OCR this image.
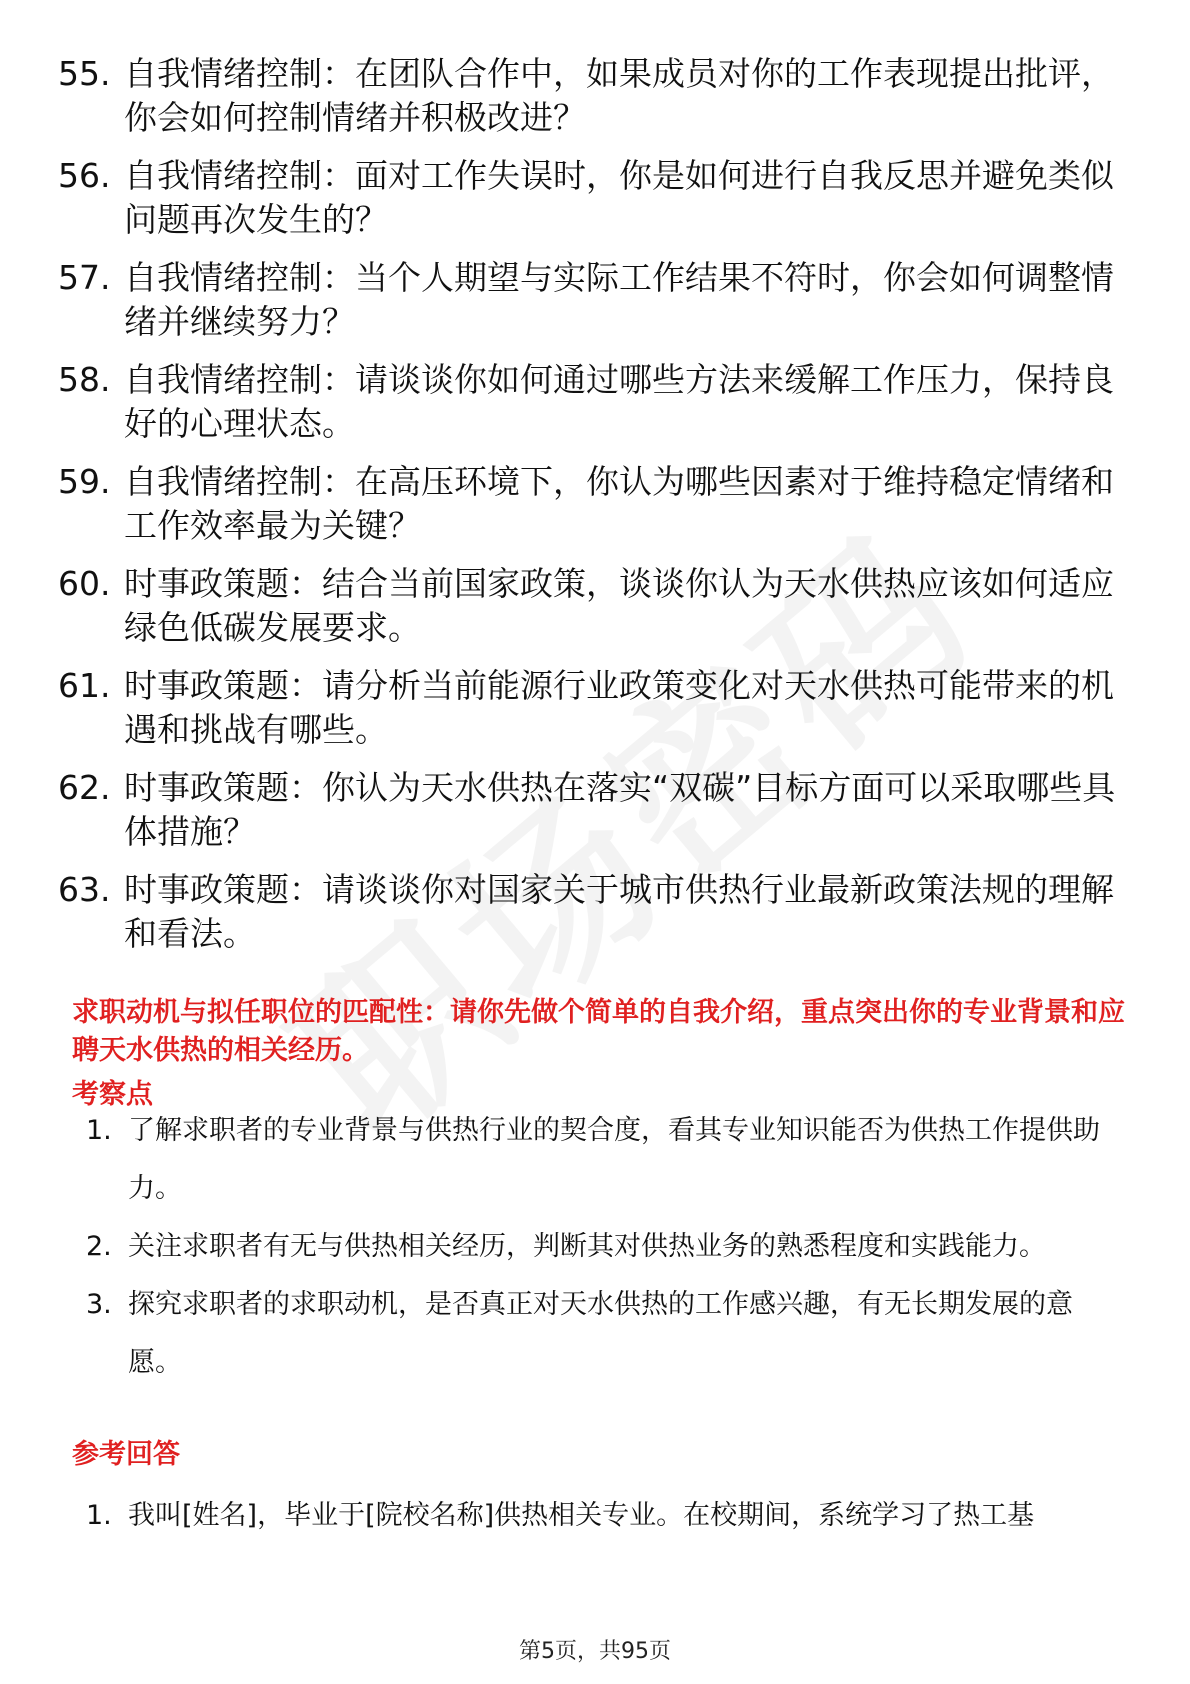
55. 自我情绪控制：在团队合作中，如果成员对你的工作表现提出批评，你会如何控制情绪并积极改进？
56. 自我情绪控制：面对工作失误时，你是如何进行自我反思并避免类似问题再次发生的？
57. 自我情绪控制：当个人期望与实际工作结果不符时，你会如何调整情绪并继续努力？
58. 自我情绪控制：请谈谈你如何通过哪些方法来缓解工作压力，保持良好的心理状态。
59. 自我情绪控制：在高压环境下，你认为哪些因素对于维持稳定情绪和工作效率最为关键？
60. 时事政策题：结合当前国家政策，谈谈你认为天水供热应该如何适应绿色低碳发展要求。
61. 时事政策题：请分析当前能源行业政策变化对天水供热可能带来的机遇和挑战有哪些。
62. 时事政策题：你认为天水供热在落实“双碳”目标方面可以采取哪些具体措施？
63. 时事政策题：请谈谈你对国家关于城市供热行业最新政策法规的理解和看法。
求职动机与拟任职位的匹配性：请你先做个简单的自我介绍，重点突出你的专业背景和应聘天水供热的相关经历。
考察点
1. 了解求职者的专业背景与供热行业的契合度，看其专业知识能否为供热工作提供助力。
2. 关注求职者有无与供热相关经历，判断其对供热业务的熟悉程度和实践能力。
3. 探究求职者的求职动机，是否真正对天水供热的工作感兴趣，有无长期发展的意愿。
参考回答
1. 我叫[姓名]，毕业于[院校名称]供热相关专业。在校期间，系统学习了热工基
第5页，共95页
